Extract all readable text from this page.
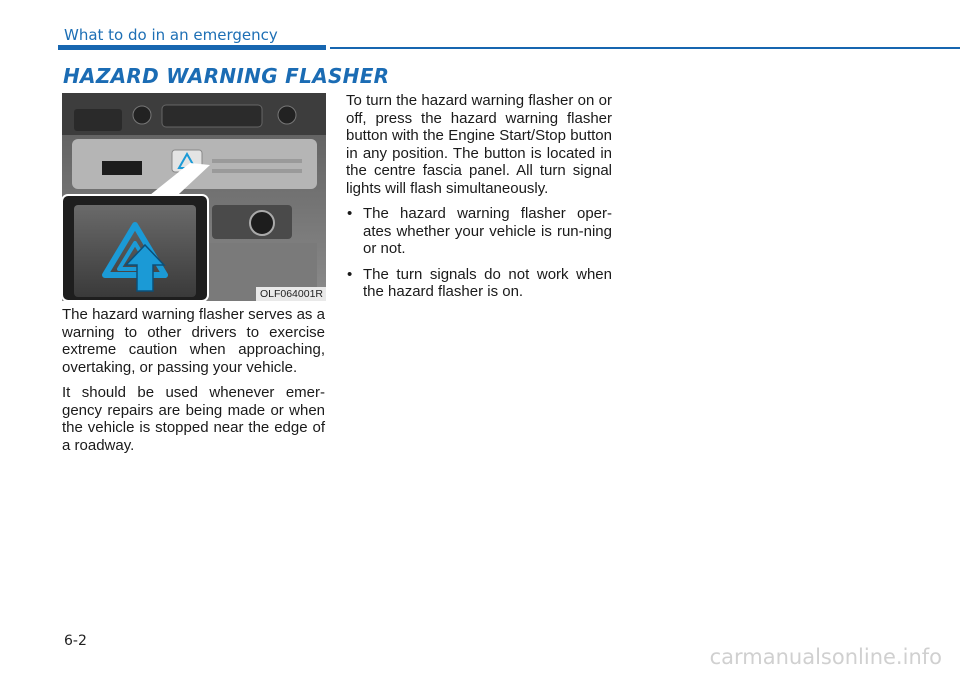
What to do in an emergency
HAZARD WARNING FLASHER
OLF064001R

The hazard warning flasher serves as a warning to other drivers to exercise extreme caution when approaching, overtaking, or passing your vehicle.

It should be used whenever emer-gency repairs are being made or when the vehicle is stopped near the edge of a roadway.

To turn the hazard warning flasher on or off, press the hazard warning flasher button with the Engine Start/Stop button in any position. The button is located in the centre fascia panel. All turn signal lights will flash simultaneously.

• The hazard warning flasher oper-ates whether your vehicle is run-ning or not.
• The turn signals do not work when the hazard flasher is on.
6-2
carmanualsonline.info
